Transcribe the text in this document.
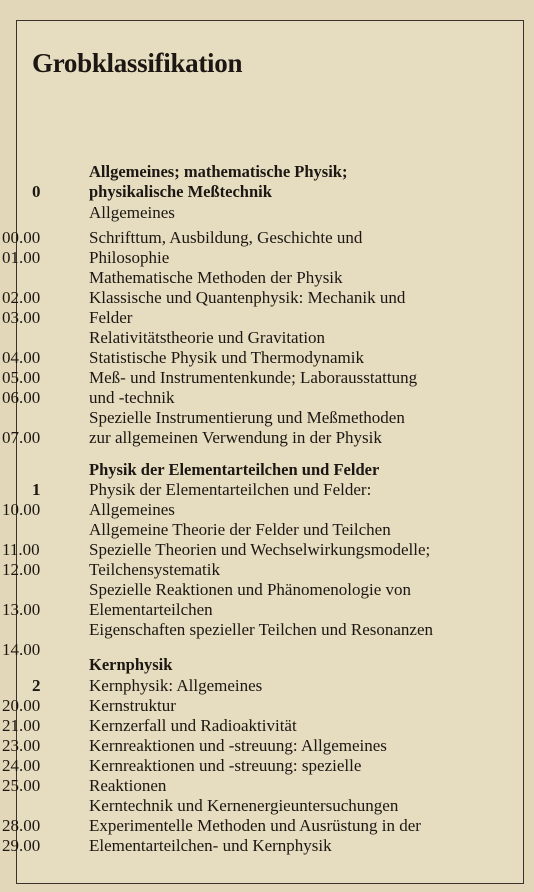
Grobklassifikation
Allgemeines; mathematische Physik;
0	physikalische Meßtechnik
Allgemeines
00.00	Schrifttum, Ausbildung, Geschichte und
01.00	Philosophie
Mathematische Methoden der Physik
02.00	Klassische und Quantenphysik: Mechanik und
03.00	Felder
Relativitätstheorie und Gravitation
04.00	Statistische Physik und Thermodynamik
05.00	Meß- und Instrumentenkunde; Laborausstattung
06.00	und -technik
Spezielle Instrumentierung und Meßmethoden
07.00	zur allgemeinen Verwendung in der Physik
Physik der Elementarteilchen und Felder
1	Physik der Elementarteilchen und Felder:
10.00	Allgemeines
Allgemeine Theorie der Felder und Teilchen
11.00	Spezielle Theorien und Wechselwirkungsmodelle;
12.00	Teilchensystematik
Spezielle Reaktionen und Phänomenologie von
13.00	Elementarteilchen
Eigenschaften spezieller Teilchen und Resonanzen
14.00
Kernphysik
2	Kernphysik: Allgemeines
20.00	Kernstruktur
21.00	Kernzerfall und Radioaktivität
23.00	Kernreaktionen und -streuung: Allgemeines
24.00	Kernreaktionen und -streuung: spezielle
25.00	Reaktionen
Kerntechnik und Kernenergieuntersuchungen
28.00	Experimentelle Methoden und Ausrüstung in der
29.00	Elementarteilchen- und Kernphysik
